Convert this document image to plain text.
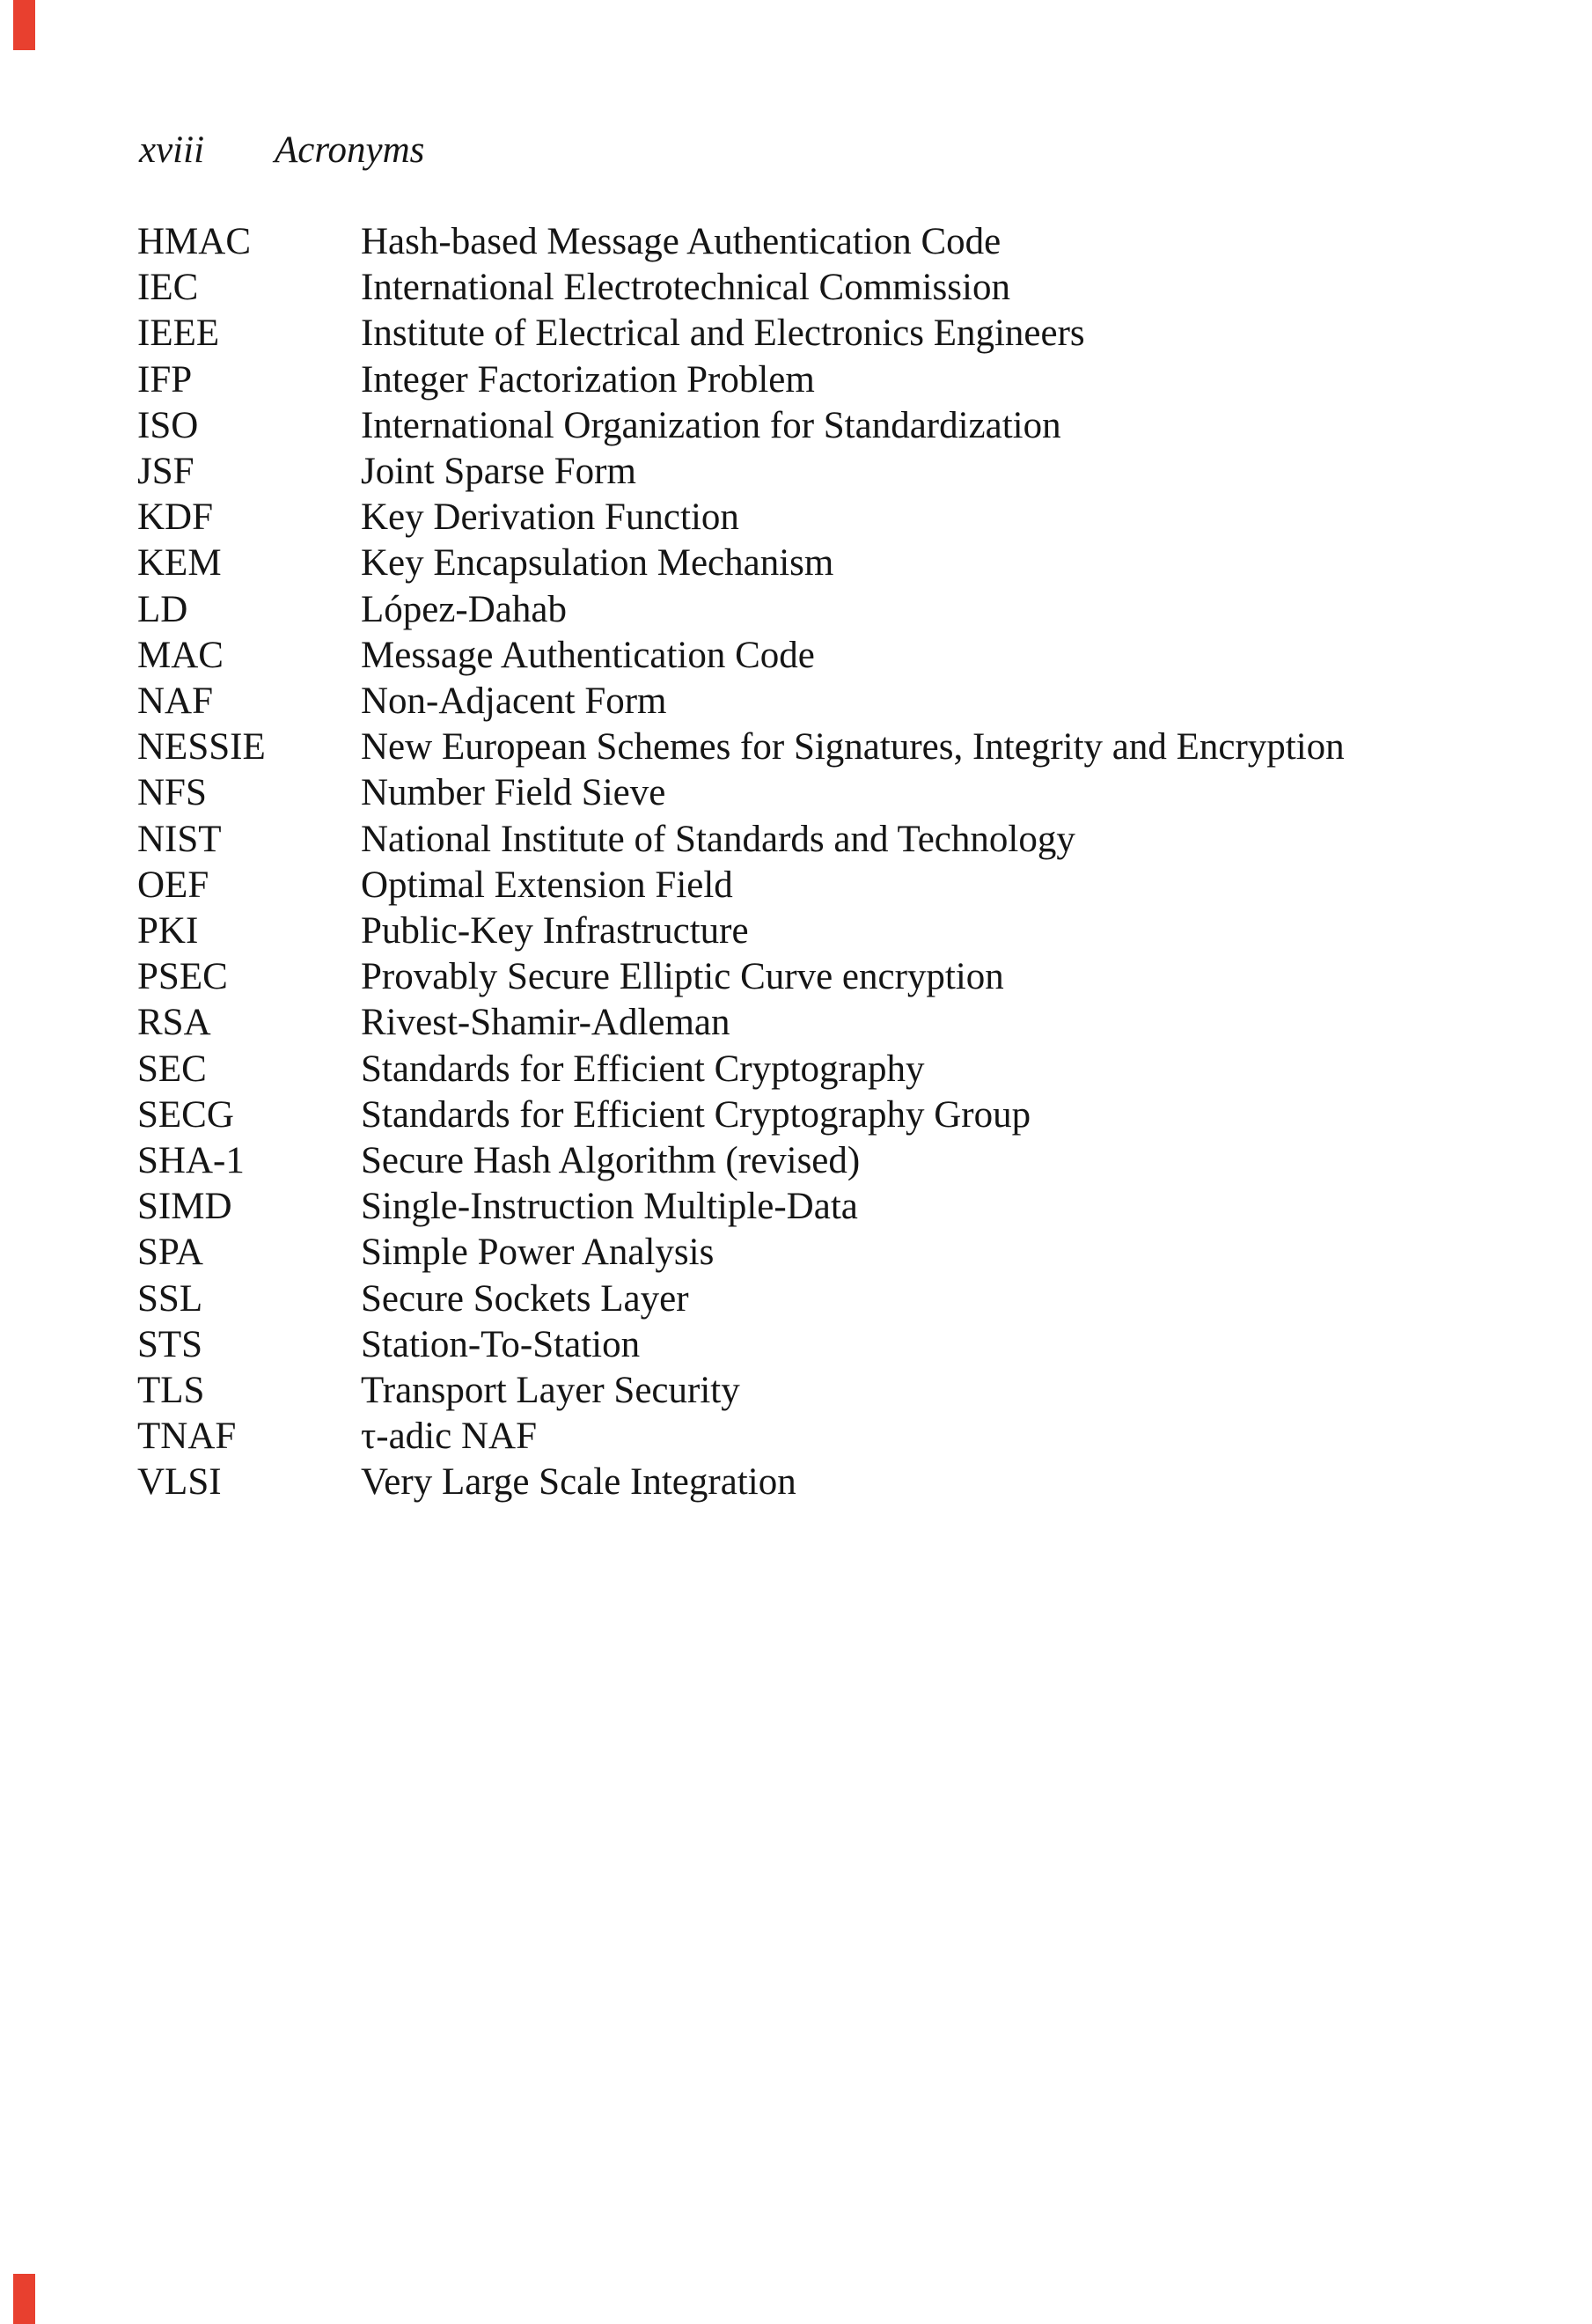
xviii Acronyms
HMAC	Hash-based Message Authentication Code
IEC	International Electrotechnical Commission
IEEE	Institute of Electrical and Electronics Engineers
IFP	Integer Factorization Problem
ISO	International Organization for Standardization
JSF	Joint Sparse Form
KDF	Key Derivation Function
KEM	Key Encapsulation Mechanism
LD	López-Dahab
MAC	Message Authentication Code
NAF	Non-Adjacent Form
NESSIE	New European Schemes for Signatures, Integrity and Encryption
NFS	Number Field Sieve
NIST	National Institute of Standards and Technology
OEF	Optimal Extension Field
PKI	Public-Key Infrastructure
PSEC	Provably Secure Elliptic Curve encryption
RSA	Rivest-Shamir-Adleman
SEC	Standards for Efficient Cryptography
SECG	Standards for Efficient Cryptography Group
SHA-1	Secure Hash Algorithm (revised)
SIMD	Single-Instruction Multiple-Data
SPA	Simple Power Analysis
SSL	Secure Sockets Layer
STS	Station-To-Station
TLS	Transport Layer Security
TNAF	τ-adic NAF
VLSI	Very Large Scale Integration
